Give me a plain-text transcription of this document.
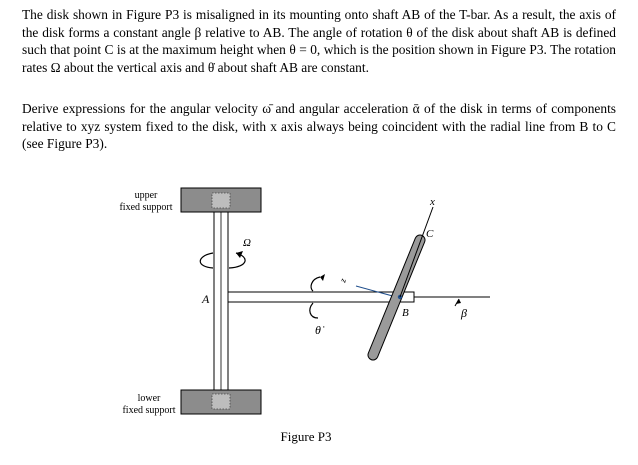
The disk shown in Figure P3 is misaligned in its mounting onto shaft AB of the T-bar. As a result, the axis of the disk forms a constant angle β relative to AB. The angle of rotation θ of the disk about shaft AB is defined such that point C is at the maximum height when θ = 0, which is the position shown in Figure P3. The rotation rates Ω about the vertical axis and θ̇ about shaft AB are constant.

Derive expressions for the angular velocity ω̄ and angular acceleration ᾱ of the disk in terms of components relative to xyz system fixed to the disk, with x axis always being coincident with the radial line from B to C (see Figure P3).

upper
fixed support
lower
fixed support
Ω
θ̇
z
x
A
B
C
β
Figure P3
